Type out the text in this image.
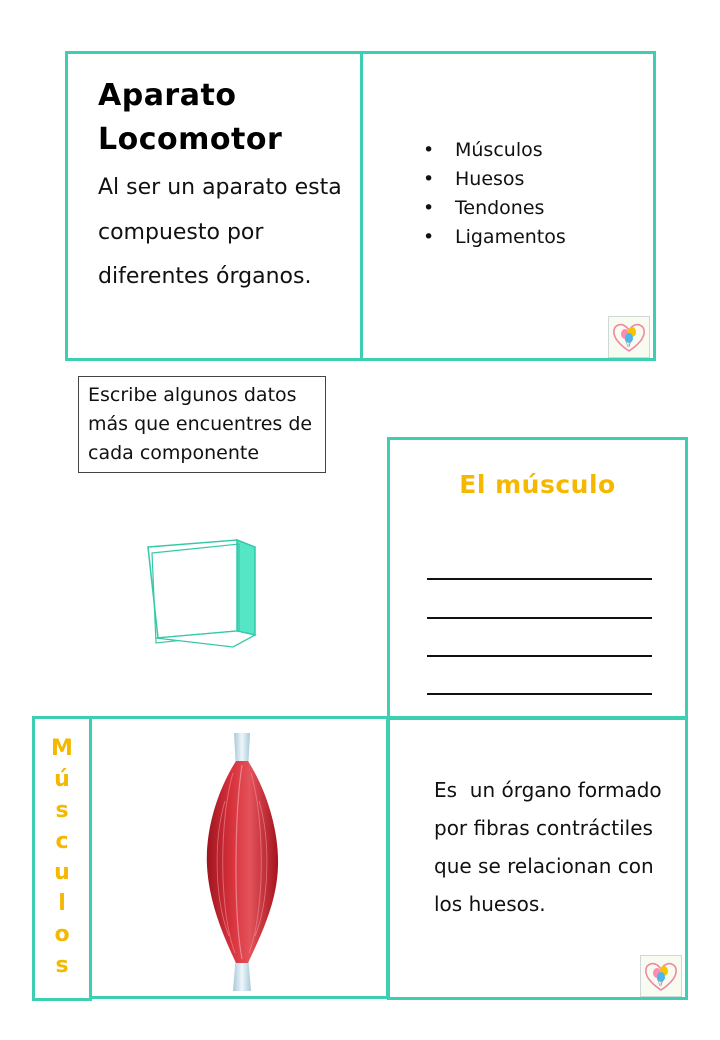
Aparato
Locomotor

Al ser un aparato esta compuesto por diferentes órganos.

• Músculos
• Huesos
• Tendones
• Ligamentos
Escribe algunos datos más que encuentres de cada componente
El músculo
M
ú
s
c
u
l
o
s

Es  un órgano formado por fibras contráctiles que se relacionan con los huesos.
